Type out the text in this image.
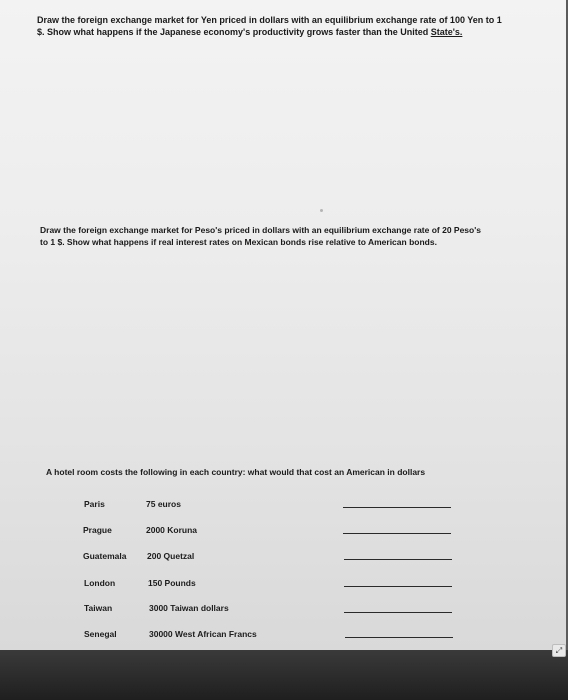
Draw the foreign exchange market for Yen priced in dollars with an equilibrium exchange rate of 100 Yen to 1
$. Show what happens if the Japanese economy's productivity grows faster than the United State's.
Draw the foreign exchange market for Peso's priced in dollars with an equilibrium exchange rate of 20 Peso's
to 1 $. Show what happens if real interest rates on Mexican bonds rise relative to American bonds.
A hotel room costs the following in each country: what would that cost an American in dollars
Paris	75 euros
Prague	2000 Koruna
Guatemala 200 Quetzal
London	150 Pounds
Taiwan	3000 Taiwan dollars
Senegal	30000 West African Francs
⤢
